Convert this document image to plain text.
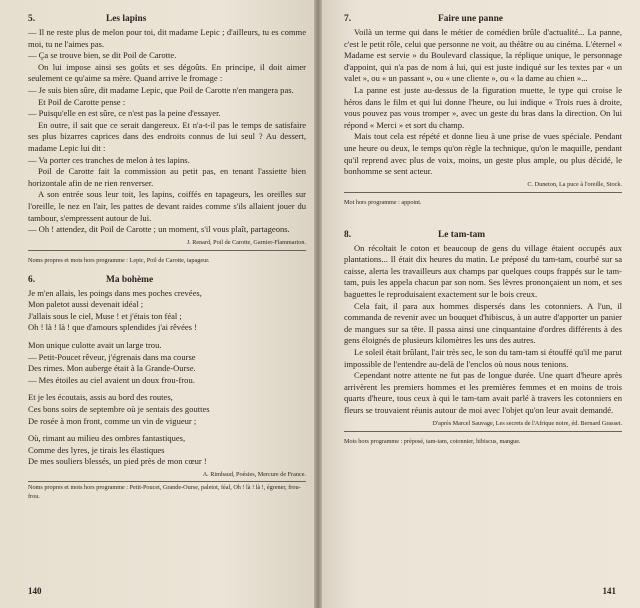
5.	Les lapins

— Il ne reste plus de melon pour toi, dit madame Lepic ; d'ailleurs, tu es comme moi, tu ne l'aimes pas.

— Ça se trouve bien, se dit Poil de Carotte.

On lui impose ainsi ses goûts et ses dégoûts. En principe, il doit aimer seulement ce qu'aime sa mère. Quand arrive le fromage :

— Je suis bien sûre, dit madame Lepic, que Poil de Carotte n'en mangera pas.

Et Poil de Carotte pense :

— Puisqu'elle en est sûre, ce n'est pas la peine d'essayer.

En outre, il sait que ce serait dangereux. Et n'a-t-il pas le temps de satisfaire ses plus bizarres caprices dans des endroits connus de lui seul ? Au dessert, madame Lepic lui dit :

— Va porter ces tranches de melon à tes lapins.

Poil de Carotte fait la commission au petit pas, en tenant l'assiette bien horizontale afin de ne rien renverser.

A son entrée sous leur toit, les lapins, coiffés en tapageurs, les oreilles sur l'oreille, le nez en l'air, les pattes de devant raides comme s'ils allaient jouer du tambour, s'empressent autour de lui.

— Oh ! attendez, dit Poil de Carotte ; un moment, s'il vous plaît, partageons.

J. Renard, Poil de Carotte, Garnier-Flammarion.
Noms propres et mots hors programme : Lepic, Poil de Carotte, tapageur.
6.	Ma bohème
Je m'en allais, les poings dans mes poches crevées,
Mon paletot aussi devenait idéal ;
J'allais sous le ciel, Muse ! et j'étais ton féal ;
Oh ! là ! là ! que d'amours splendides j'ai rêvées !
Mon unique culotte avait un large trou.
— Petit-Poucet rêveur, j'égrenais dans ma course
Des rimes. Mon auberge était à la Grande-Ourse.
— Mes étoiles au ciel avaient un doux frou-frou.
Et je les écoutais, assis au bord des routes,
Ces bons soirs de septembre où je sentais des gouttes
De rosée à mon front, comme un vin de vigueur ;
Où, rimant au milieu des ombres fantastiques,
Comme des lyres, je tirais les élastiques
De mes souliers blessés, un pied près de mon cœur !
A. Rimbaud, Poésies, Mercure de France.
Noms propres et mots hors programme : Petit-Poucet, Grande-Ourse, paletot, féal, Oh ! là ! là !, égrener, frou-frou.
140
7.	Faire une panne

Voilà un terme qui dans le métier de comédien brûle d'actualité... La panne, c'est le petit rôle, celui que personne ne voit, au théâtre ou au cinéma. L'éternel « Madame est servie » du Boulevard classique, la réplique unique, le personnage d'appoint, qui n'a pas de nom à lui, qui est juste indiqué sur les textes par « un valet », ou « un passant », ou « une cliente », ou « la dame au chien »...

La panne est juste au-dessus de la figuration muette, le type qui croise le héros dans le film et qui lui donne l'heure, ou lui indique « Trois rues à droite, vous pouvez pas vous tromper », avec un geste du bras dans la direction. On lui répond « Merci » et sort du champ.

Mais tout cela est répété et donne lieu à une prise de vues spéciale. Pendant une heure ou deux, le temps qu'on règle la technique, qu'on le maquille, pendant qu'il reprend avec plus de voix, moins, un geste plus ample, ou plus décidé, le bonhomme se sent acteur.

C. Duneton, La puce à l'oreille, Stock.
Mot hors programme : appoint.
8.	Le tam-tam

On récoltait le coton et beaucoup de gens du village étaient occupés aux plantations... Il était dix heures du matin. Le préposé du tam-tam, courbé sur sa caisse, alerta les travailleurs aux champs par quelques coups frappés sur le tam-tam, puis les appela chacun par son nom. Ses lèvres prononçaient un nom, et ses baguettes le reproduisaient exactement sur le bois creux.

Cela fait, il para aux hommes dispersés dans les cotonniers. A l'un, il commanda de revenir avec un bouquet d'hibiscus, à un autre d'apporter un panier de mangues sur sa tête. Il passa ainsi une cinquantaine d'ordres différents à des gens éloignés de plusieurs kilomètres les uns des autres.

Le soleil était brûlant, l'air très sec, le son du tam-tam si étouffé qu'il me parut impossible de l'entendre au-delà de l'enclos où nous nous tenions.

Cependant notre attente ne fut pas de longue durée. Une quart d'heure après arrivèrent les premiers hommes et les premières femmes et en moins de trois quarts d'heure, tous ceux à qui le tam-tam avait parlé à travers les cotonniers en fleurs se trouvaient réunis autour de moi avec l'objet qu'on leur avait demandé.

D'après Marcel Sauvage, Les secrets de l'Afrique noire, éd. Bernard Grasset.
Mots hors programme : préposé, tam-tam, cotonnier, hibiscus, mangue.
141
